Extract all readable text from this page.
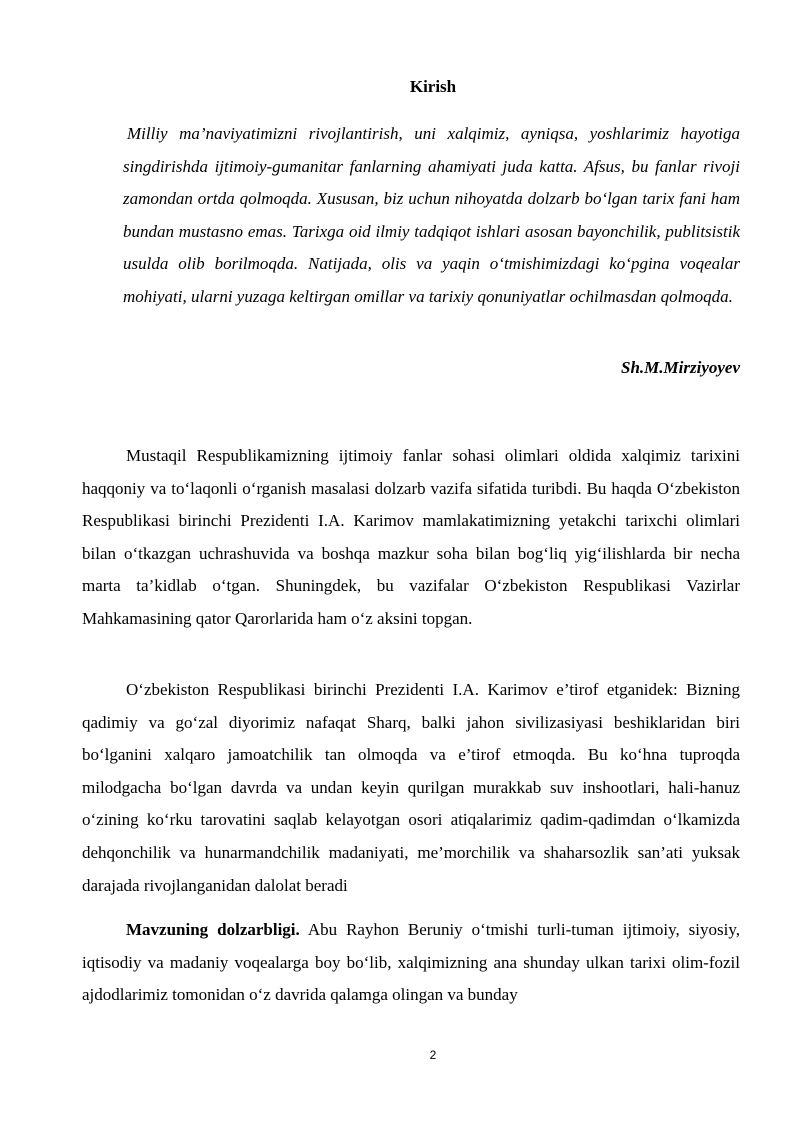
Kirish

Milliy ma’naviyatimizni rivojlantirish, uni xalqimiz, ayniqsa, yoshlarimiz hayotiga singdirishda ijtimoiy-gumanitar fanlarning ahamiyati juda katta. Afsus, bu fanlar rivoji zamondan ortda qolmoqda. Xususan, biz uchun nihoyatda dolzarb bo‘lgan tarix fani ham bundan mustasno emas. Tarixga oid ilmiy tadqiqot ishlari asosan bayonchilik, publitsistik usulda olib borilmoqda. Natijada, olis va yaqin o‘tmishimizdagi ko‘pgina voqealar mohiyati, ularni yuzaga keltirgan omillar va tarixiy qonuniyatlar ochilmasdan qolmoqda.

Sh.M.Mirziyoyev

Mustaqil Respublikamizning ijtimoiy fanlar sohasi olimlari oldida xalqimiz tarixini haqqoniy va to‘laqonli o‘rganish masalasi dolzarb vazifa sifatida turibdi. Bu haqda O‘zbekiston Respublikasi birinchi Prezidenti I.A. Karimov mamlakatimizning yetakchi tarixchi olimlari bilan o‘tkazgan uchrashuvida va boshqa mazkur soha bilan bog‘liq yig‘ilishlarda bir necha marta ta’kidlab o‘tgan. Shuningdek, bu vazifalar O‘zbekiston Respublikasi Vazirlar Mahkamasining qator Qarorlarida ham o‘z aksini topgan.

O‘zbekiston Respublikasi birinchi Prezidenti I.A. Karimov e’tirof etganidek: Bizning qadimiy va go‘zal diyorimiz nafaqat Sharq, balki jahon sivilizasiyasi beshiklaridan biri bo‘lganini xalqaro jamoatchilik tan olmoqda va e’tirof etmoqda. Bu ko‘hna tuproqda milodgacha bo‘lgan davrda va undan keyin qurilgan murakkab suv inshootlari, hali-hanuz o‘zining ko‘rku tarovatini saqlab kelayotgan osori atiqalarimiz qadim-qadimdan o‘lkamizda dehqonchilik va hunarmandchilik madaniyati, me’morchilik va shaharsozlik san’ati yuksak darajada rivojlanganidan dalolat beradi

Mavzuning dolzarbligi. Abu Rayhon Beruniy o‘tmishi turli-tuman ijtimoiy, siyosiy, iqtisodiy va madaniy voqealarga boy bo‘lib, xalqimizning ana shunday ulkan tarixi olim-fozil ajdodlarimiz tomonidan o‘z davrida qalamga olingan va bunday

2
